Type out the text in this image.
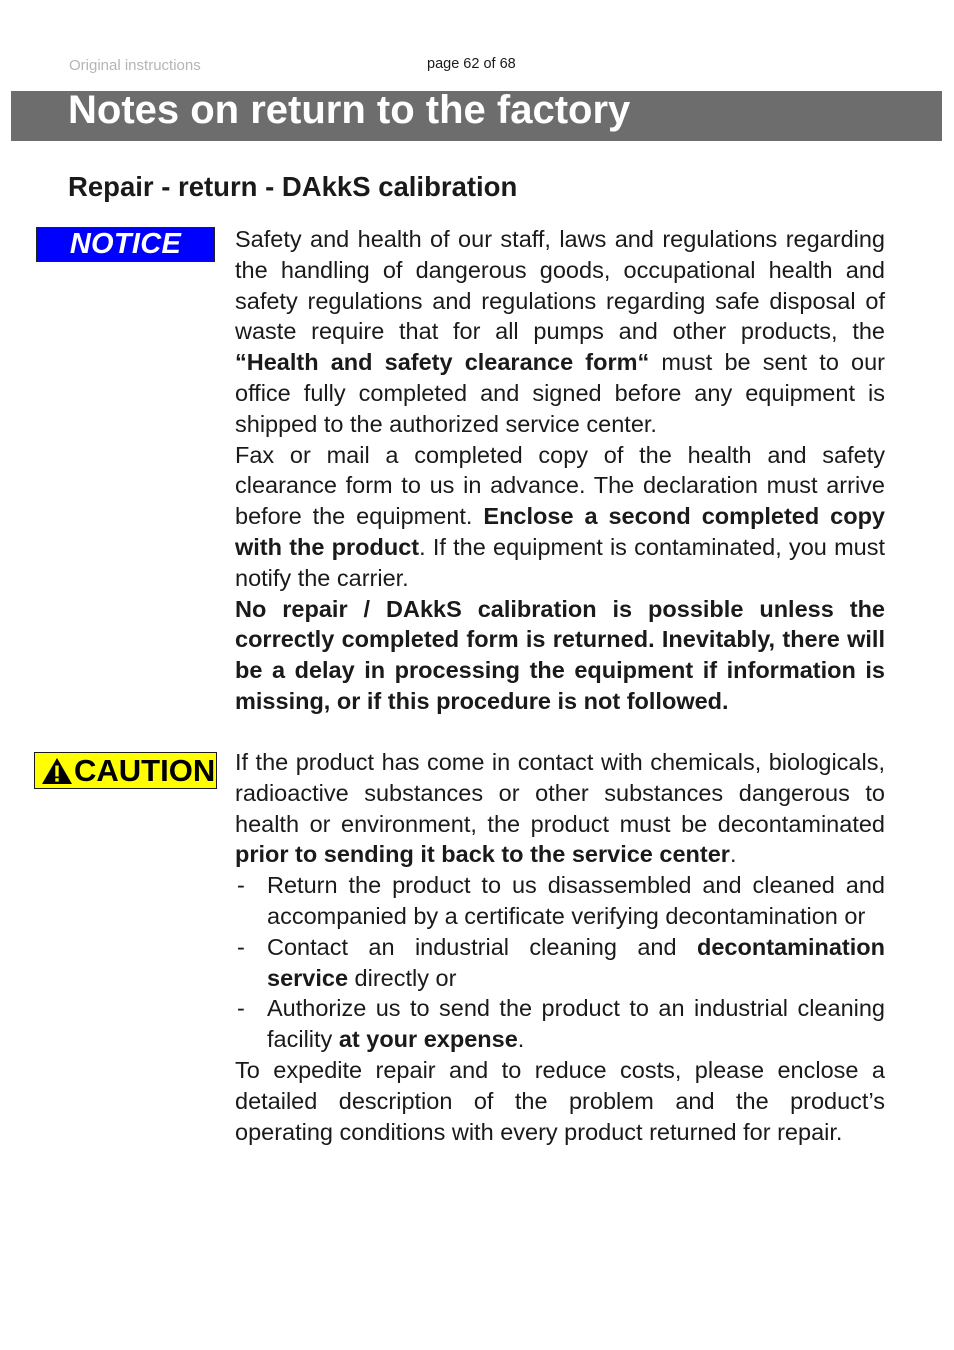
Original instructions	page 62 of 68
Notes on return to the factory
Repair - return - DAkkS calibration
NOTICE	Safety and health of our staff, laws and regulations regarding the handling of dangerous goods, occupational health and safety regulations and regulations regarding safe disposal of waste require that for all pumps and other products, the “Health and safety clearance form“ must be sent to our office fully completed and signed before any equipment is shipped to the authorized service center.

Fax or mail a completed copy of the health and safety clearance form to us in advance. The declaration must arrive before the equipment. Enclose a second completed copy with the product. If the equipment is contaminated, you must notify the carrier.

No repair / DAkkS calibration is possible unless the correctly completed form is returned. Inevitably, there will be a delay in processing the equipment if information is missing, or if this procedure is not followed.

CAUTION If the product has come in contact with chemicals, biologicals, radioactive substances or other substances dangerous to health or environment, the product must be decontaminated prior to sending it back to the service center.

- Return the product to us disassembled and cleaned and accompanied by a certificate verifying decontamination or

- Contact an industrial cleaning and decontamination service directly or

- Authorize us to send the product to an industrial cleaning facility at your expense.

To expedite repair and to reduce costs, please enclose a detailed description of the problem and the product’s operating conditions with every product returned for repair.
